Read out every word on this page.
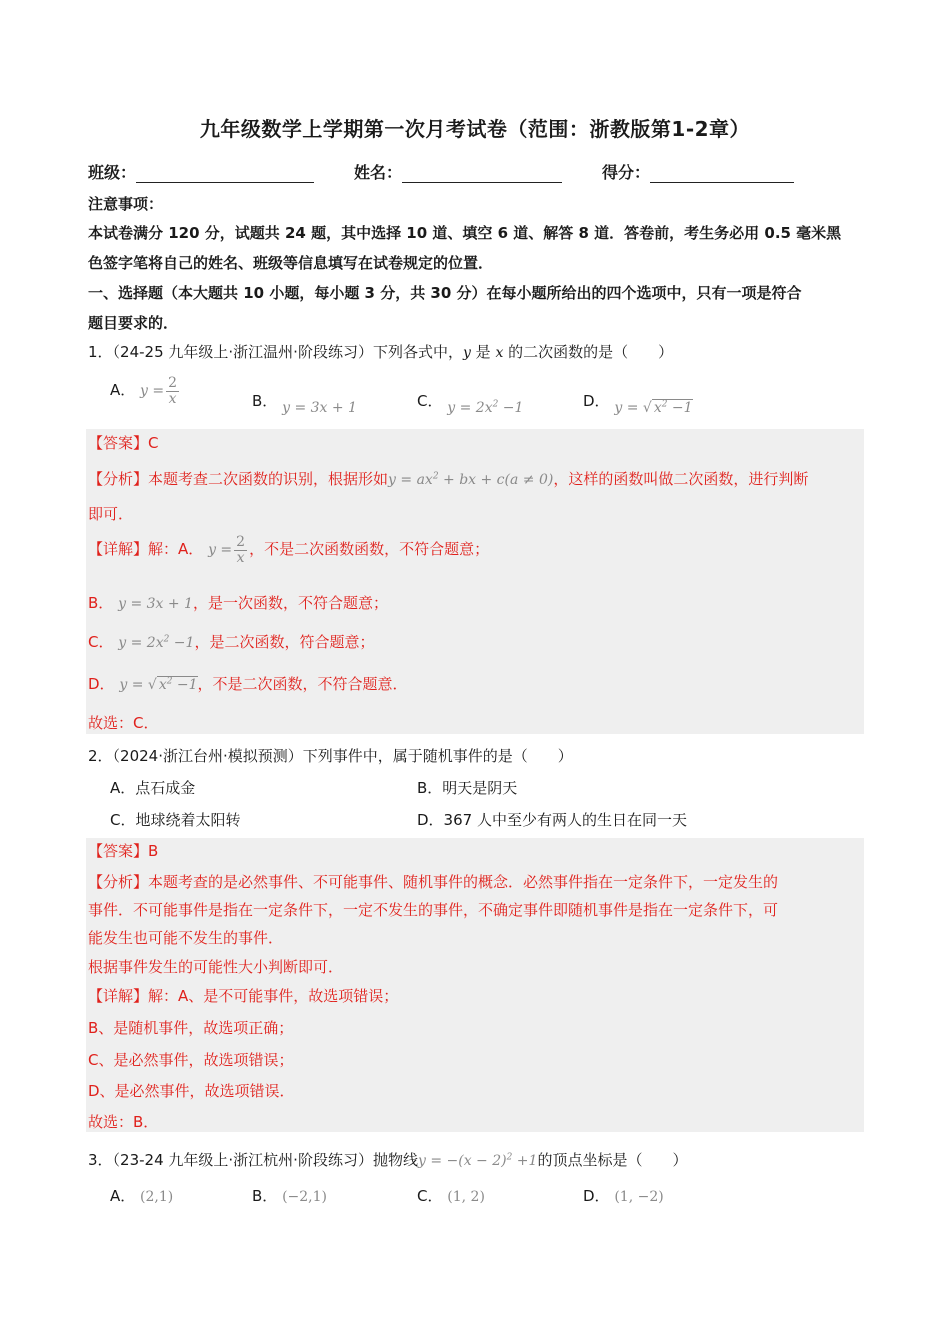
九年级数学上学期第一次月考试卷（范围：浙教版第1-2章）
班级：	姓名：	得分：
注意事项：
本试卷满分 120 分，试题共 24 题，其中选择 10 道、填空 6 道、解答 8 道．答卷前，考生务必用 0.5 毫米黑
色签字笔将自己的姓名、班级等信息填写在试卷规定的位置．
一、选择题（本大题共 10 小题，每小题 3 分，共 30 分）在每小题所给出的四个选项中，只有一项是符合
题目要求的．
1．（24-25 九年级上·浙江温州·阶段练习）下列各式中，y 是 x 的二次函数的是（　　）
A． $y = \frac{2}{x}$	B． y = 3x + 1	C． $y = 2x^2 -1$	D． y = √ $x^2 -1$
【答案】C
【分析】本题考查二次函数的识别，根据形如$y = ax^2$ + bx + c(a ≠ 0)，这样的函数叫做二次函数，进行判断
即可．
【详解】解：A． $y = \frac{2}{x}$ ，不是二次函数函数，不符合题意；
B． y = 3x + 1，是一次函数，不符合题意；
C． $y = 2x^2 -1$，是二次函数，符合题意；
D． y = √ $x^2 -1$，不是二次函数，不符合题意．
故选：C．
2．（2024·浙江台州·模拟预测）下列事件中，属于随机事件的是（　　）
A．点石成金	B．明天是阴天
C．地球绕着太阳转	D．367 人中至少有两人的生日在同一天
【答案】B
【分析】本题考查的是必然事件、不可能事件、随机事件的概念．必然事件指在一定条件下，一定发生的
事件．不可能事件是指在一定条件下，一定不发生的事件，不确定事件即随机事件是指在一定条件下，可
能发生也可能不发生的事件．
根据事件发生的可能性大小判断即可．
【详解】解：A、是不可能事件，故选项错误；
B、是随机事件，故选项正确；
C、是必然事件，故选项错误；
D、是必然事件，故选项错误．
故选：B．
3．（23-24 九年级上·浙江杭州·阶段练习）抛物线$y = -(x - 2)^2 +1$的顶点坐标是（　　）
A． (2,1)	B． (−2,1)	C． (1, 2)	D． (1, −2)
